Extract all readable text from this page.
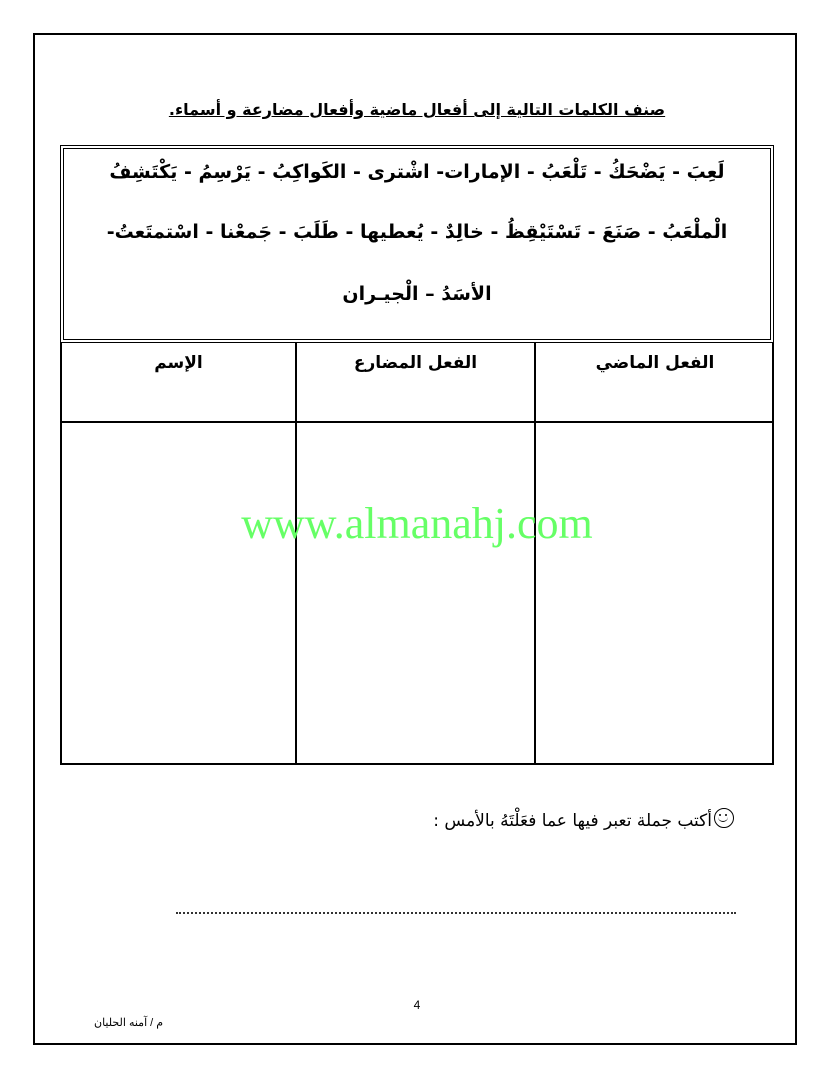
صنف الكلمات التالية إلى أفعال ماضية وأفعال مضارعة و أسماء.
لَعِبَ - يَضْحَكُ - تَلْعَبُ - الإمارات- اشْترى - الكَواكِبُ - يَرْسِمُ - يَكْتَشِفُ
الْملْعَبُ - صَنَعَ - تَسْتَيْقِظُ - خالِدٌ - يُعطيها - طَلَبَ - جَمعْنا - اسْتمتَعتُ-
الأسَدُ – الْجيـران
الفعل الماضي
الفعل المضارع
الإسم
www.almanahj.com
أكتب جملة تعبر فيها عما فعَلْتَهُ بالأمس :
4
م / آمنه الحليان
